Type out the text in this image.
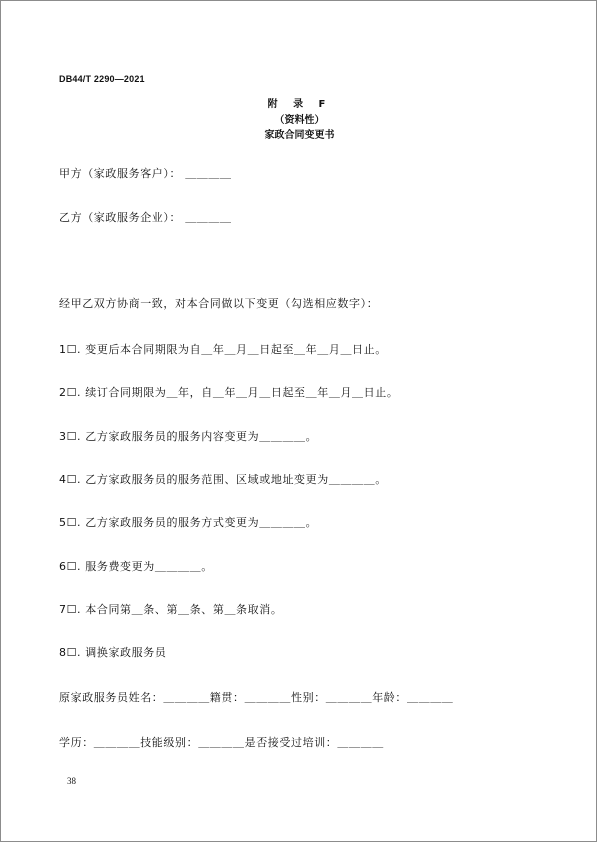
DB44/T 2290—2021
附 录 F
（资料性）
家政合同变更书
甲方（家政服务客户）： ＿＿＿＿
乙方（家政服务企业）： ＿＿＿＿
经甲乙双方协商一致，对本合同做以下变更（勾选相应数字）：
1☐. 变更后本合同期限为自＿年＿月＿日起至＿年＿月＿日止。
2☐. 续订合同期限为＿年，自＿年＿月＿日起至＿年＿月＿日止。
3☐. 乙方家政服务员的服务内容变更为＿＿＿＿。
4☐. 乙方家政服务员的服务范围、区域或地址变更为＿＿＿＿。
5☐. 乙方家政服务员的服务方式变更为＿＿＿＿。
6☐. 服务费变更为＿＿＿＿。
7☐. 本合同第＿条、第＿条、第＿条取消。
8☐. 调换家政服务员
原家政服务员姓名：＿＿＿＿籍贯：＿＿＿＿性别：＿＿＿＿年龄：＿＿＿＿
学历：＿＿＿＿技能级别：＿＿＿＿是否接受过培训：＿＿＿＿
38
